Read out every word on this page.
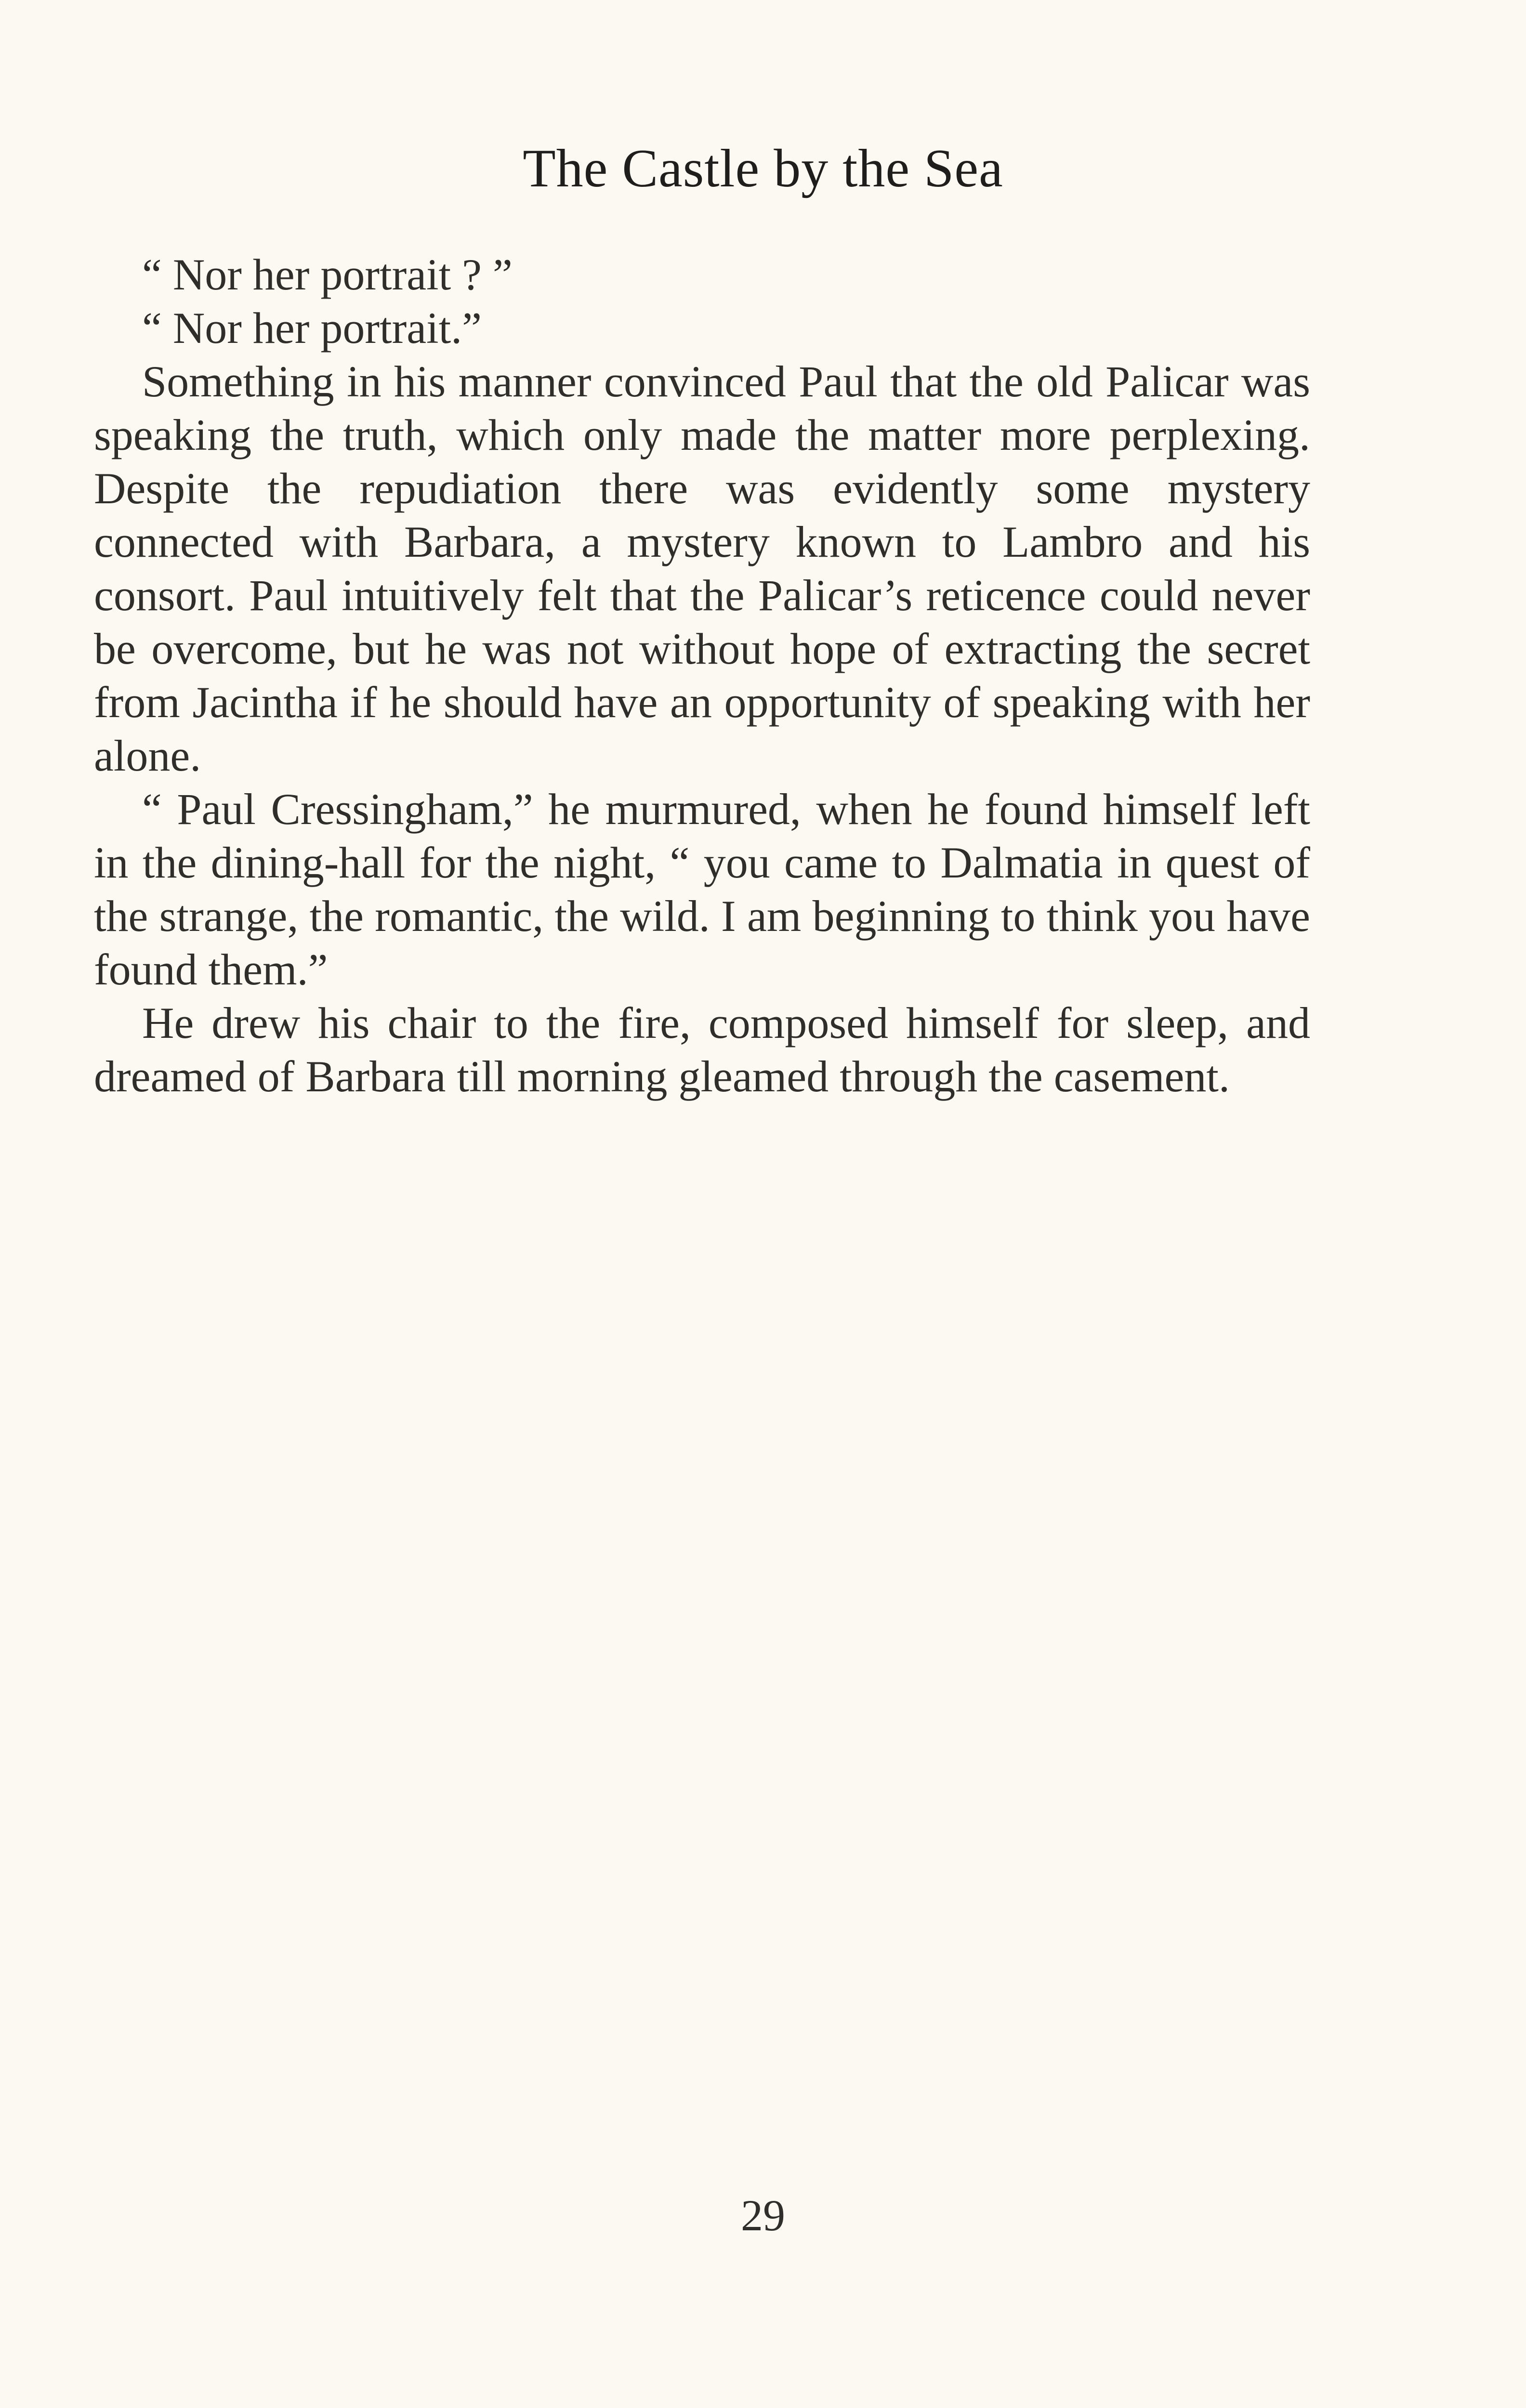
The Castle by the Sea

“ Nor her portrait ? ”

“ Nor her portrait.”

Something in his manner convinced Paul that the old Palicar was speaking the truth, which only made the matter more perplexing. Despite the repudiation there was evidently some mystery connected with Barbara, a mystery known to Lambro and his consort. Paul intuitively felt that the Palicar’s reticence could never be overcome, but he was not without hope of extracting the secret from Jacintha if he should have an opportunity of speaking with her alone.

“ Paul Cressingham,” he murmured, when he found himself left in the dining-hall for the night, “ you came to Dalmatia in quest of the strange, the romantic, the wild. I am beginning to think you have found them.”

He drew his chair to the fire, composed himself for sleep, and dreamed of Barbara till morning gleamed through the casement.

29
